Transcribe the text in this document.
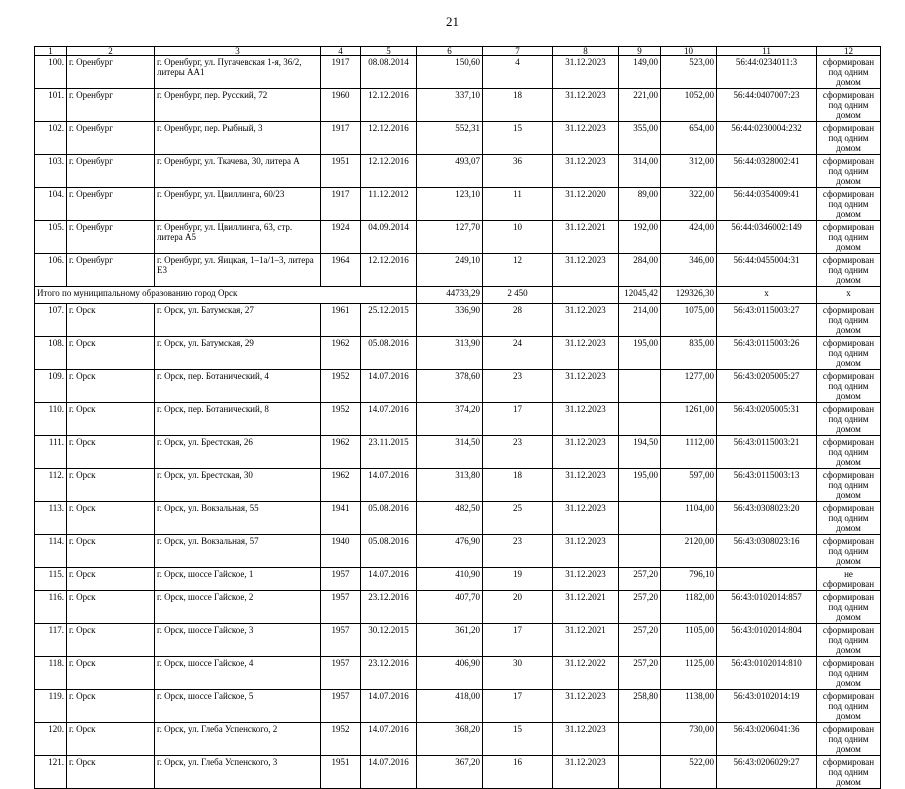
21
1	2	3	4	5	6	7	8	9	10	11	12
100.	г. Оренбург	г. Оренбург, ул. Пугачевская 1-я, 36/2, литеры АА1	1917	08.08.2014	150,60	4	31.12.2023	149,00	523,00	56:44:0234011:3	сформирован под одним домом
101.	г. Оренбург	г. Оренбург, пер. Русский, 72	1960	12.12.2016	337,10	18	31.12.2023	221,00	1052,00	56:44:0407007:23	сформирован под одним домом
102.	г. Оренбург	г. Оренбург, пер. Рыбный, 3	1917	12.12.2016	552,31	15	31.12.2023	355,00	654,00	56:44:0230004:232	сформирован под одним домом
103.	г. Оренбург	г. Оренбург, ул. Ткачева, 30, литера А	1951	12.12.2016	493,07	36	31.12.2023	314,00	312,00	56:44:0328002:41	сформирован под одним домом
104.	г. Оренбург	г. Оренбург, ул. Цвиллинга, 60/23	1917	11.12.2012	123,10	11	31.12.2020	89,00	322,00	56:44:0354009:41	сформирован под одним домом
105.	г. Оренбург	г. Оренбург, ул. Цвиллинга, 63, стр. литера А5	1924	04.09.2014	127,70	10	31.12.2021	192,00	424,00	56:44:0346002:149	сформирован под одним домом
106.	г. Оренбург	г. Оренбург, ул. Яицкая, 1–1а/1–3, литера Е3	1964	12.12.2016	249,10	12	31.12.2023	284,00	346,00	56:44:0455004:31	сформирован под одним домом
Итого по муниципальному образованию город Орск					44733,29	2 450		12045,42	129326,30	x	x
107.	г. Орск	г. Орск, ул. Батумская, 27	1961	25.12.2015	336,90	28	31.12.2023	214,00	1075,00	56:43:0115003:27	сформирован под одним домом
108.	г. Орск	г. Орск, ул. Батумская, 29	1962	05.08.2016	313,90	24	31.12.2023	195,00	835,00	56:43:0115003:26	сформирован под одним домом
109.	г. Орск	г. Орск, пер. Ботанический, 4	1952	14.07.2016	378,60	23	31.12.2023		1277,00	56:43:0205005:27	сформирован под одним домом
110.	г. Орск	г. Орск, пер. Ботанический, 8	1952	14.07.2016	374,20	17	31.12.2023		1261,00	56:43:0205005:31	сформирован под одним домом
111.	г. Орск	г. Орск, ул. Брестская, 26	1962	23.11.2015	314,50	23	31.12.2023	194,50	1112,00	56:43:0115003:21	сформирован под одним домом
112.	г. Орск	г. Орск, ул. Брестская, 30	1962	14.07.2016	313,80	18	31.12.2023	195,00	597,00	56:43:0115003:13	сформирован под одним домом
113.	г. Орск	г. Орск, ул. Вокзальная, 55	1941	05.08.2016	482,50	25	31.12.2023		1104,00	56:43:0308023:20	сформирован под одним домом
114.	г. Орск	г. Орск, ул. Вокзальная, 57	1940	05.08.2016	476,90	23	31.12.2023		2120,00	56:43:0308023:16	сформирован под одним домом
115.	г. Орск	г. Орск, шоссе Гайское, 1	1957	14.07.2016	410,90	19	31.12.2023	257,20	796,10		не сформирован
116.	г. Орск	г. Орск, шоссе Гайское, 2	1957	23.12.2016	407,70	20	31.12.2021	257,20	1182,00	56:43:0102014:857	сформирован под одним домом
117.	г. Орск	г. Орск, шоссе Гайское, 3	1957	30.12.2015	361,20	17	31.12.2021	257,20	1105,00	56:43:0102014:804	сформирован под одним домом
118.	г. Орск	г. Орск, шоссе Гайское, 4	1957	23.12.2016	406,90	30	31.12.2022	257,20	1125,00	56:43:0102014:810	сформирован под одним домом
119.	г. Орск	г. Орск, шоссе Гайское, 5	1957	14.07.2016	418,00	17	31.12.2023	258,80	1138,00	56:43:0102014:19	сформирован под одним домом
120.	г. Орск	г. Орск, ул. Глеба Успенского, 2	1952	14.07.2016	368,20	15	31.12.2023		730,00	56:43:0206041:36	сформирован под одним домом
121.	г. Орск	г. Орск, ул. Глеба Успенского, 3	1951	14.07.2016	367,20	16	31.12.2023		522,00	56:43:0206029:27	сформирован под одним домом
